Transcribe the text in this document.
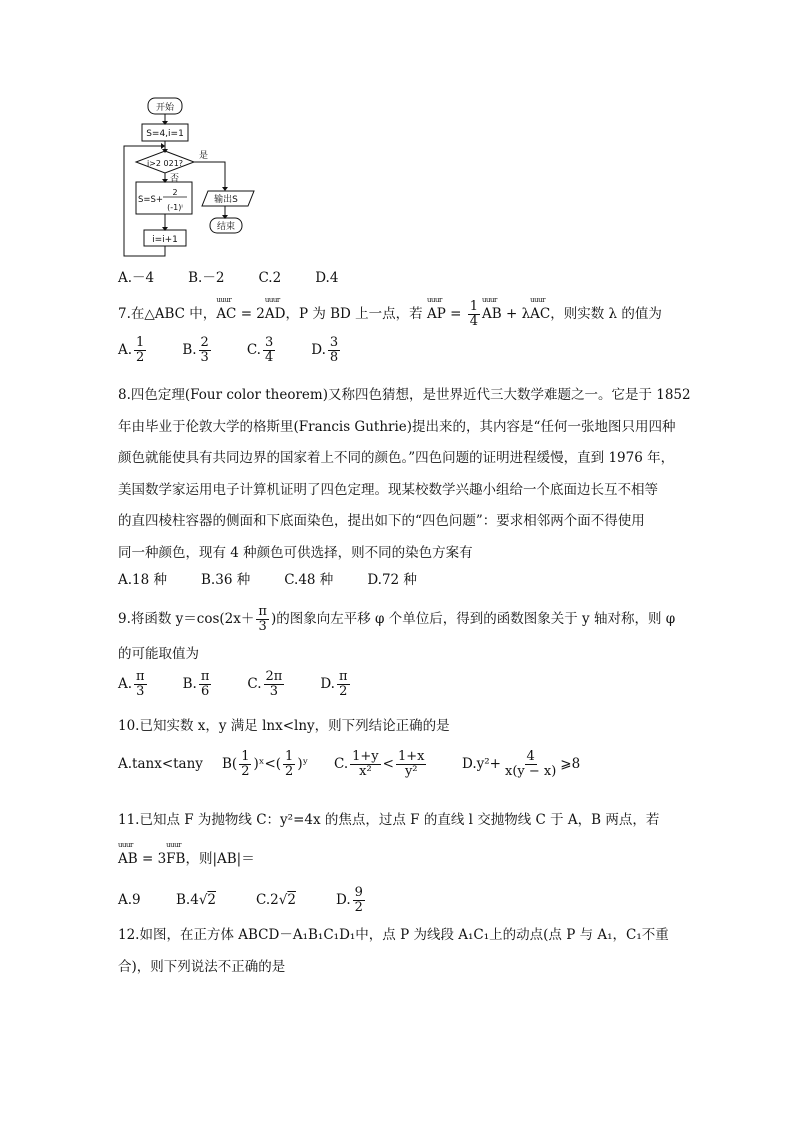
开始
S=4,i=1
i>2 021?
是
否
S=S+
2
(-1)ⁱ
输出S
i=i+1
结束
A.－4	B.－2	C.2	D.4
7.在△ABC 中，uuur AC = 2uuur AD，P 为 BD 上一点，若 uuur AP = $\frac{1}{4}$ uuur AB + λuuur AC，则实数 λ 的值为
A. $\frac{1}{2}$	B. $\frac{2}{3}$	C. $\frac{3}{4}$	D. $\frac{3}{8}$
8.四色定理(Four color theorem)又称四色猜想，是世界近代三大数学难题之一。它是于 1852
年由毕业于伦敦大学的格斯里(Francis Guthrie)提出来的，其内容是“任何一张地图只用四种
颜色就能使具有共同边界的国家着上不同的颜色。”四色问题的证明进程缓慢，直到 1976 年，
美国数学家运用电子计算机证明了四色定理。现某校数学兴趣小组给一个底面边长互不相等
的直四棱柱容器的侧面和下底面染色，提出如下的“四色问题”：要求相邻两个面不得使用
同一种颜色，现有 4 种颜色可供选择，则不同的染色方案有
A.18 种	B.36 种	C.48 种	D.72 种
9.将函数 $y=\cos(2x+ \frac{\pi}{3}$ )的图象向左平移 φ 个单位后，得到的函数图象关于 y 轴对称，则 φ
的可能取值为
A. $\frac{\pi}{3}$	B. $\frac{\pi}{6}$	C. $\frac{2\pi}{3}$	D. $\frac{\pi}{2}$
10.已知实数 x，y 满足 lnx<lny，则下列结论正确的是
A.tanx<tany $B( \frac{1}{2}$ )ˣ<( $\frac{1}{2}$ )ʸ C. $\frac{1+y}{\text{x²}} < \frac{1+x}{\text{y²}}$	$D.y^2+ \frac{4}{x(y - x)}$ ⩾8
11.已知点 F 为抛物线 C：y²=4x 的焦点，过点 F 的直线 l 交抛物线 C 于 A，B 两点，若
uuur AB = 3uuur FB，则|AB|＝
A.9	B.4√2	C.2√2	D. $\frac{9}{2}$
12.如图，在正方体 ABCD－A₁B₁C₁D₁中，点 P 为线段 A₁C₁上的动点(点 P 与 A₁，C₁不重
合)，则下列说法不正确的是
